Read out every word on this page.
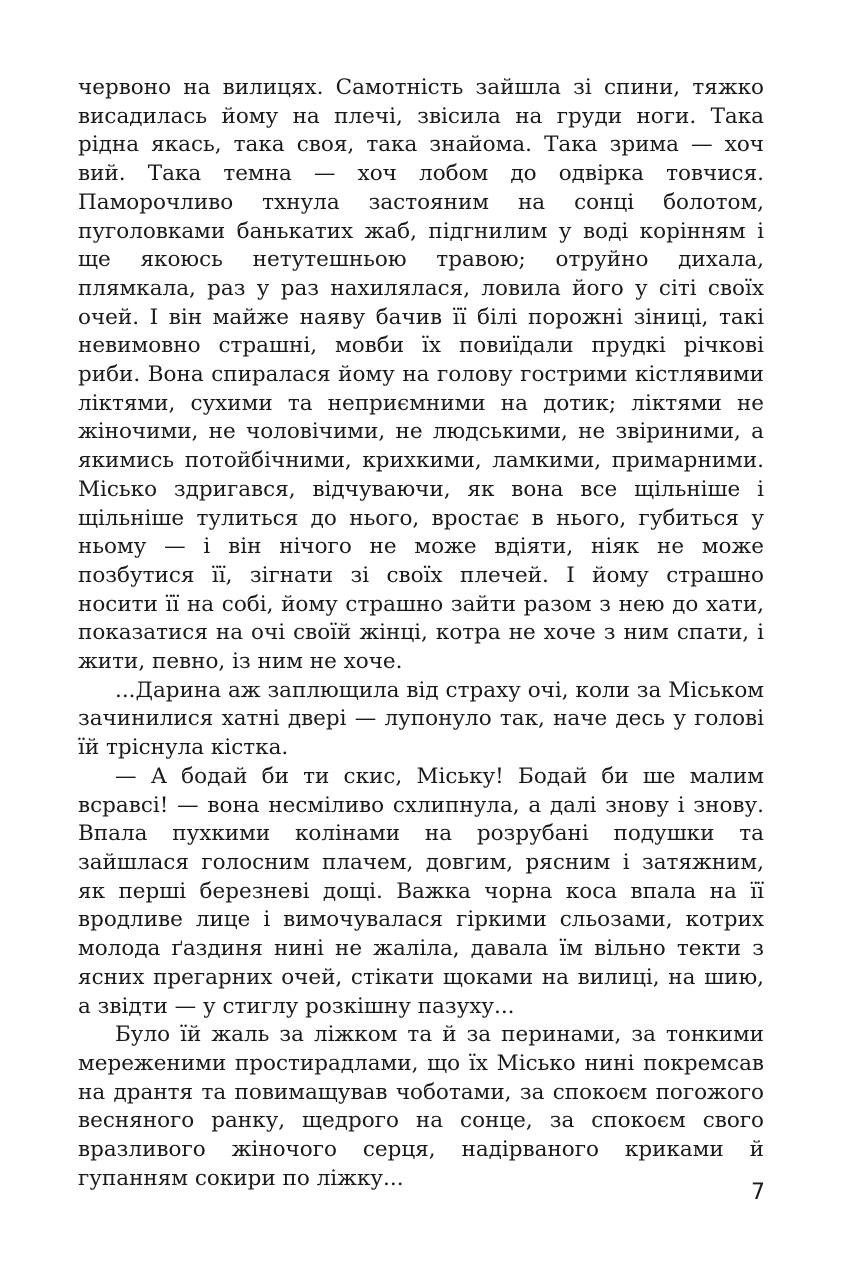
червоно на вилицях. Самотність зайшла зі спини, тяжко висадилась йому на плечі, звісила на груди ноги. Така рідна якась, така своя, така знайома. Така зрима — хоч вий. Така темна — хоч лобом до одвірка товчися. Паморочливо тхнула застояним на сонці болотом, пуголовками банькатих жаб, підгнилим у воді корінням і ще якоюсь нетутешньою травою; отруйно дихала, плямкала, раз у раз нахилялася, ловила його у сіті своїх очей. І він майже наяву бачив її білі порожні зіниці, такі невимовно страшні, мовби їх повиїдали прудкі річкові риби. Вона спиралася йому на голову гострими кістлявими ліктями, сухими та неприємними на дотик; ліктями не жіночими, не чоловічими, не людськими, не звіриними, а якимись потойбічними, крихкими, ламкими, примарними. Місько здригався, відчуваючи, як вона все щільніше і щільніше тулиться до нього, вростає в нього, губиться у ньому — і він нічого не може вдіяти, ніяк не може позбутися її, зігнати зі своїх плечей. І йому страшно носити її на собі, йому страшно зайти разом з нею до хати, показатися на очі своїй жінці, котра не хоче з ним спати, і жити, певно, із ним не хоче.

...Дарина аж заплющила від страху очі, коли за Міськом зачинилися хатні двері — лупонуло так, наче десь у голові їй тріснула кістка.

— А бодай би ти скис, Міську! Бодай би ше малим всравсі! — вона несміливо схлипнула, а далі знову і знову. Впала пухкими колінами на розрубані подушки та зайшлася голосним плачем, довгим, рясним і затяжним, як перші березневі дощі. Важка чорна коса впала на її вродливе лице і вимочувалася гіркими сльозами, котрих молода ґаздиня нині не жаліла, давала їм вільно текти з ясних прегарних очей, стікати щоками на вилиці, на шию, а звідти — у стиглу розкішну пазуху...

Було їй жаль за ліжком та й за перинами, за тонкими мереженими простирадлами, що їх Місько нині покремсав на дрантя та повимащував чоботами, за спокоєм погожого весняного ранку, щедрого на сонце, за спокоєм свого вразливого жіночого серця, надірваного криками й гупанням сокири по ліжку...

7
